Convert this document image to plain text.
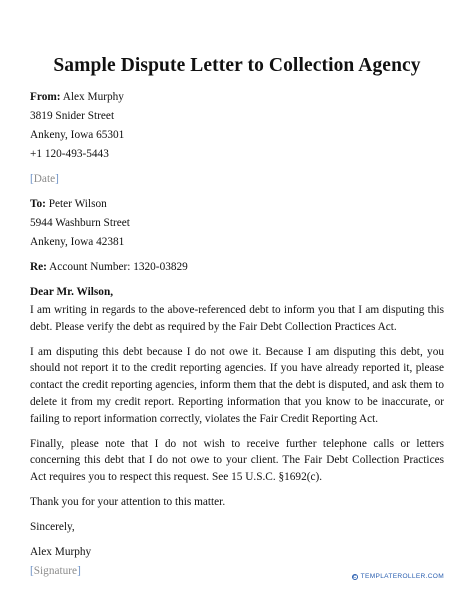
Sample Dispute Letter to Collection Agency
From: Alex Murphy
3819 Snider Street
Ankeny, Iowa 65301
+1 120-493-5443
[Date]
To: Peter Wilson
5944 Washburn Street
Ankeny, Iowa 42381
Re: Account Number: 1320-03829
Dear Mr. Wilson,

I am writing in regards to the above-referenced debt to inform you that I am disputing this debt. Please verify the debt as required by the Fair Debt Collection Practices Act.

I am disputing this debt because I do not owe it. Because I am disputing this debt, you should not report it to the credit reporting agencies. If you have already reported it, please contact the credit reporting agencies, inform them that the debt is disputed, and ask them to delete it from my credit report. Reporting information that you know to be inaccurate, or failing to report information correctly, violates the Fair Credit Reporting Act.

Finally, please note that I do not wish to receive further telephone calls or letters concerning this debt that I do not owe to your client. The Fair Debt Collection Practices Act requires you to respect this request. See 15 U.S.C. §1692(c).

Thank you for your attention to this matter.

Sincerely,
Alex Murphy
[Signature]	C TEMPLATEROLLER.COM
